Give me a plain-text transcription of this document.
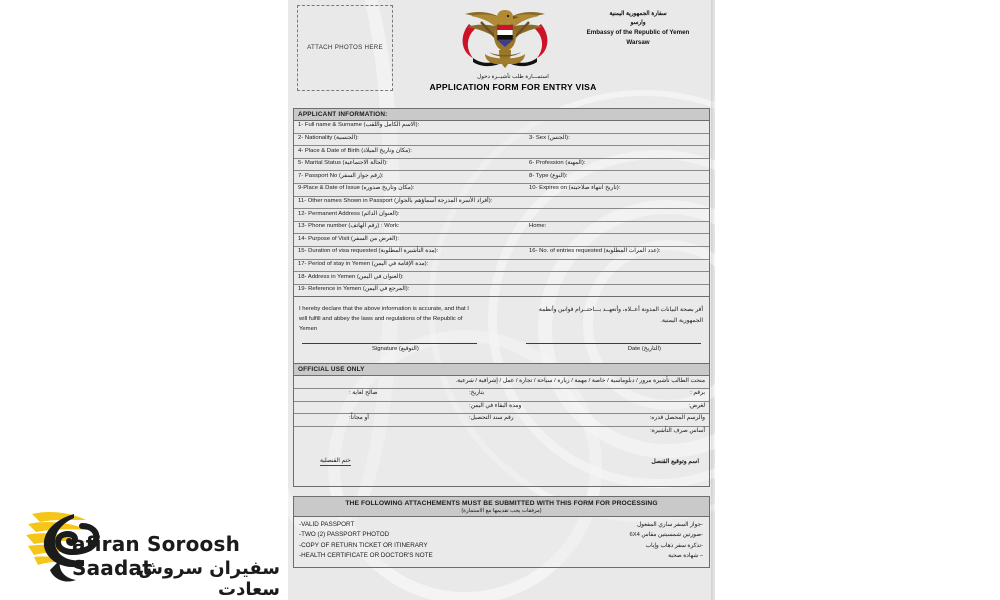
ATTACH PHOTOS HERE
سفارة الجمهورية اليمنية
وارسو
Embassy of the Republic of Yemen
Warsaw
استمـــارة طلب تأشيــرة دخول
APPLICATION FORM FOR ENTRY VISA
APPLICANT INFORMATION:
1- Full name & Surname (الاسم الكامل واللقب):
2- Nationality (الجنسية):	3- Sex (الجنس):
4- Place & Date of Birth (مكان وتاريخ الميلاد):
5- Marital Status (الحالة الاجتماعية):	6- Profession (المهنة):
7- Passport No (رقم جواز السفر):	8- Type (النوع):
9-Place & Date of Issue (مكان وتاريخ صدوره):	10- Expires on (تاريخ انتهاء صلاحيته):
11- Other names Shown in Passport (أفراد الأسرة المدرجة أسماؤهم بالجواز):
12- Permanent Address (العنوان الدائم):
13- Phone number (رقم الهاتف) : Work:	Home:
14- Purpose of Visit (الغرض من السفر):
15- Duration of visa requested (مدة التأشيرة المطلوبة):	16- No. of entries requested (عدد المرات المطلوبة):
17- Period of stay in Yemen (مدة الإقامة في اليمن):
18- Address in Yemen (العنوان في اليمن):
19- Reference in Yemen (المرجع في اليمن):
I hereby declare that the above information is accurate, and that I will fulfill and abbey the laws and regulations of the Republic of Yemen
أقر بصحة البيانات المدونة أعــلاه، وأتعهــد بـــاحتــرام قوانين وأنظمة الجمهورية اليمنية.
Signature (التوقيع)	Date (التاريخ)
OFFICIAL USE ONLY
منحت الطالب تأشيرة مرور / دبلوماسية / خاصة / مهمة / زيارة / سياحة / تجارة / عمل / إشرافية / شرعية.
برقم :
بتاريخ:
صالح لغاية :
لغرض:
ومدة البقاء في اليمن:
والرسم المحصل قدره:
رقم سند التحصيل:
أو مجاناً:
أساس صرف التأشيرة:
اسم وتوقيع القنصل
ختم القنصلية
THE FOLLOWING ATTACHEMENTS MUST BE SUBMITTED WITH THIS FORM FOR PROCESSING
(مرفقات يجب تقديمها مع الاستمارة)
-VALID PASSPORT
-TWO (2) PASSPORT PHOTOD
-COPY OF RETURN TICKET OR ITINERARY
-HEALTH CERTIFICATE OR DOCTOR'S NOTE
-جواز السفر ساري المفعول
-صورتين شمسيتين مقاس 6X4
-تذكرة سفر ذهاب وإياب
– شهادة صحية
afiran Soroosh Saadat
سفيران سروش سعادت
